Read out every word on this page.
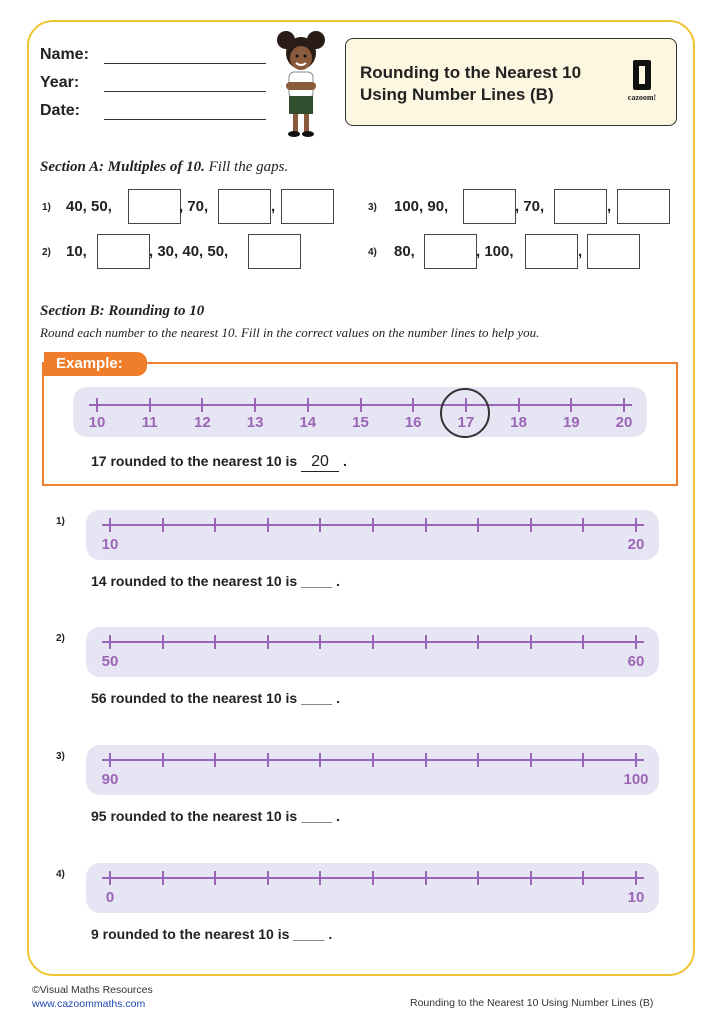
Name:
Year:
Date:
Rounding to the Nearest 10
Using Number Lines (B)	cazoom!
Section A: Multiples of 10. Fill the gaps.
1) 40, 50,	, 70,	,
2) 10,	, 30, 40, 50,
3) 100, 90,	, 70,	,
4) 80,	, 100,	,
Section B: Rounding to 10
Round each number to the nearest 10. Fill in the correct values on the number lines to help you.
Example:
10	11	12	13	14	15	16	17	18	19	20
17 rounded to the nearest 10 is 20 .
1)
10	20
14 rounded to the nearest 10 is ____ .
2)
50	60
56 rounded to the nearest 10 is ____ .
3)
90	100
95 rounded to the nearest 10 is ____ .
4)
0	10
9 rounded to the nearest 10 is ____ .
©Visual Maths Resources
www.cazoommaths.com	Rounding to the Nearest 10 Using Number Lines (B)
